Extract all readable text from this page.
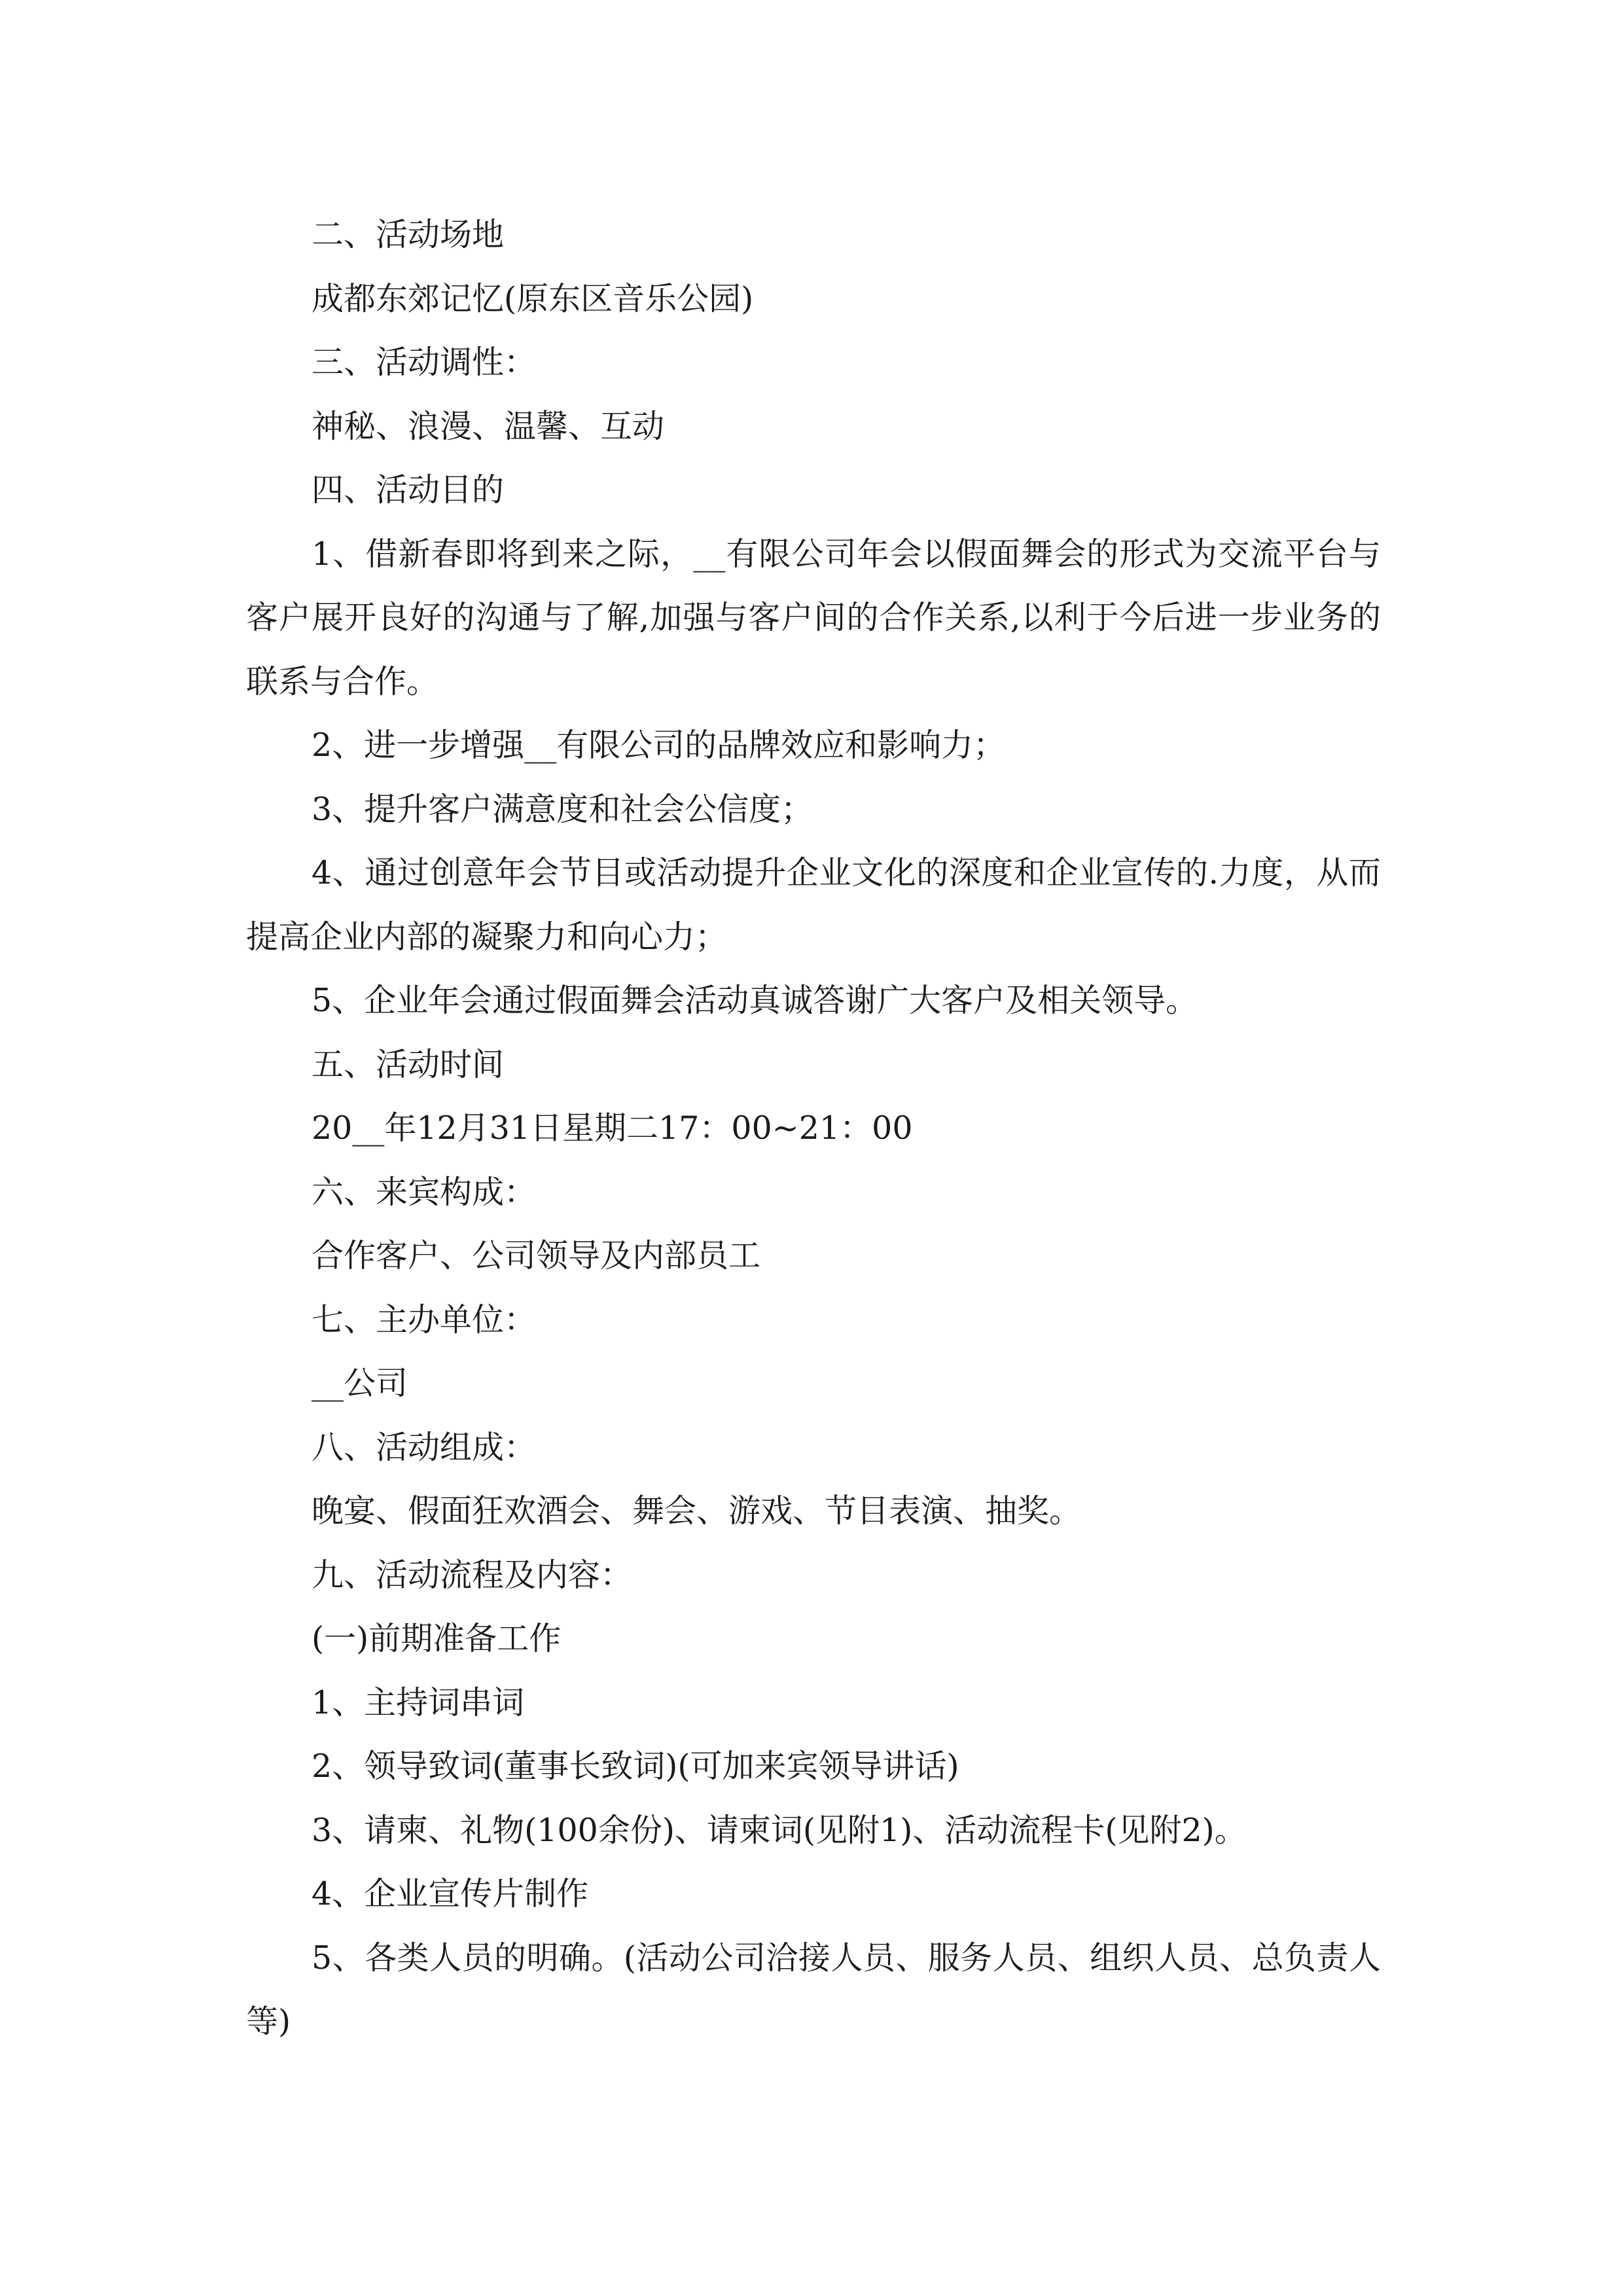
二、活动场地

成都东郊记忆(原东区音乐公园)

三、活动调性：

神秘、浪漫、温馨、互动

四、活动目的

1、借新春即将到来之际，__有限公司年会以假面舞会的形式为交流平台与客户展开良好的沟通与了解,加强与客户间的合作关系,以利于今后进一步业务的联系与合作。

2、进一步增强__有限公司的品牌效应和影响力；

3、提升客户满意度和社会公信度；

4、通过创意年会节目或活动提升企业文化的深度和企业宣传的.力度，从而提高企业内部的凝聚力和向心力；

5、企业年会通过假面舞会活动真诚答谢广大客户及相关领导。

五、活动时间

20__年12月31日星期二17：00~21：00

六、来宾构成：

合作客户、公司领导及内部员工

七、主办单位：

__公司

八、活动组成：

晚宴、假面狂欢酒会、舞会、游戏、节目表演、抽奖。

九、活动流程及内容：

(一)前期准备工作

1、主持词串词

2、领导致词(董事长致词)(可加来宾领导讲话)

3、请柬、礼物(100余份)、请柬词(见附1)、活动流程卡(见附2)。

4、企业宣传片制作

5、各类人员的明确。(活动公司洽接人员、服务人员、组织人员、总负责人等)
